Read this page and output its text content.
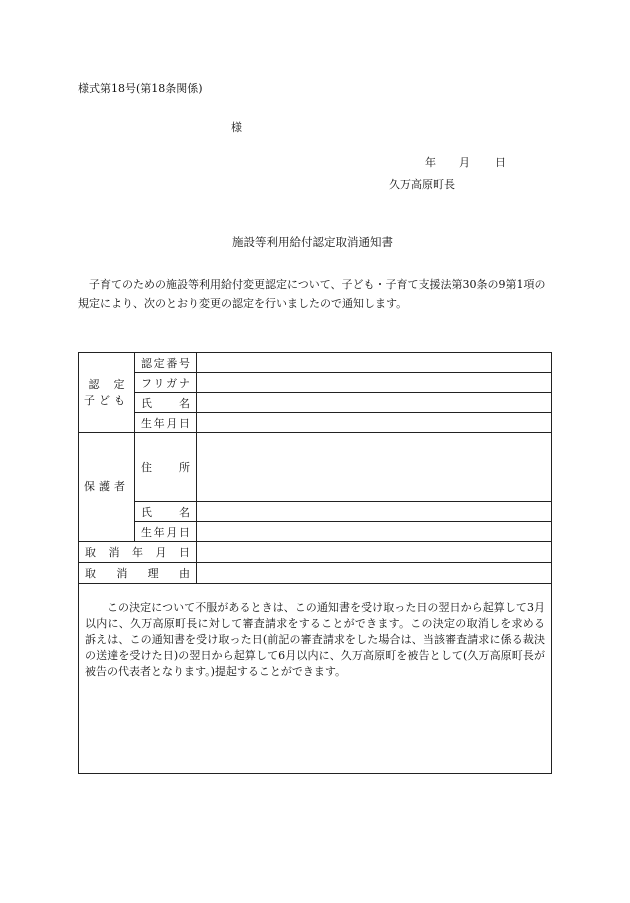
様式第18号(第18条関係)
様
年 月 日
久万高原町長
施設等利用給付認定取消通知書
子育てのための施設等利用給付変更認定について、子ども・子育て支援法第30条の9第1項の規定により、次のとおり変更の認定を行いましたので通知します。
認　定
子ども	認定番号	
	フリガナ	
	氏　名	
	生年月日	
保護者	住　所	
	氏　名	
	生年月日	
取消年月日		
取消理由		

この決定について不服があるときは、この通知書を受け取った日の翌日から起算して3月以内に、久万高原町長に対して審査請求をすることができます。この決定の取消しを求める訴えは、この通知書を受け取った日(前記の審査請求をした場合は、当該審査請求に係る裁決の送達を受けた日)の翌日から起算して6月以内に、久万高原町を被告として(久万高原町長が被告の代表者となります。)提起することができます。		
